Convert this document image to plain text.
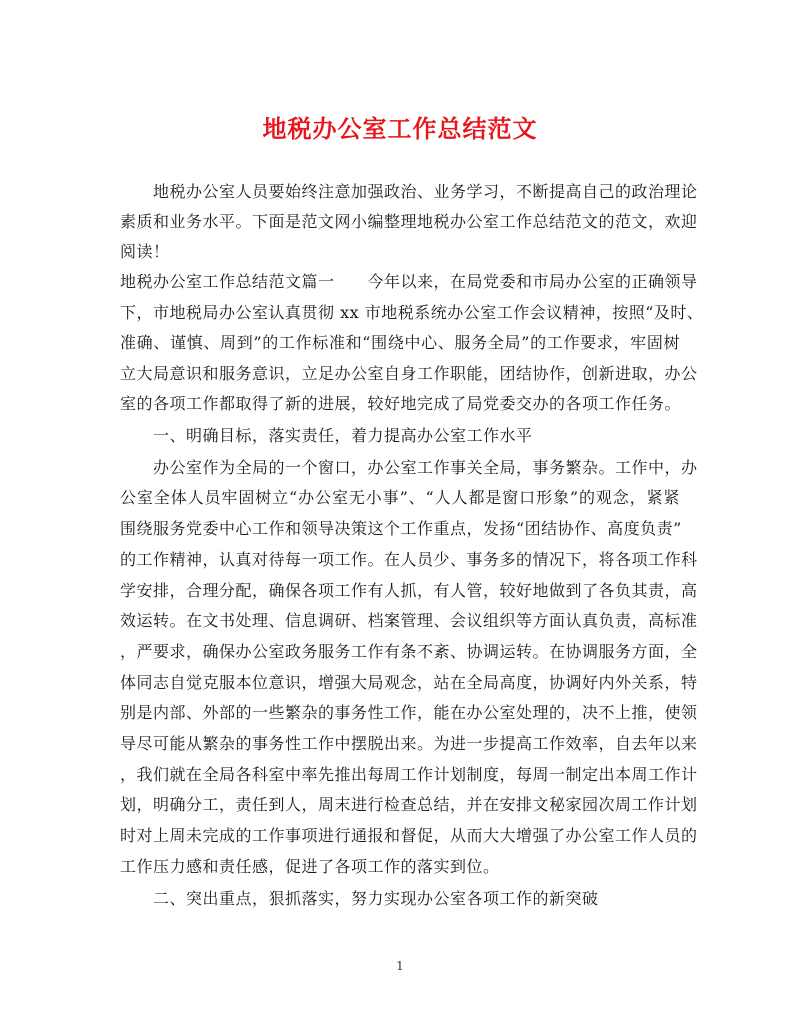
地税办公室工作总结范文
　　地税办公室人员要始终注意加强政治、业务学习，不断提高自己的政治理论
素质和业务水平。下面是范文网小编整理地税办公室工作总结范文的范文，欢迎
阅读！
地税办公室工作总结范文篇一　　今年以来，在局党委和市局办公室的正确领导
下，市地税局办公室认真贯彻 xx 市地税系统办公室工作会议精神，按照“及时、
准确、谨慎、周到”的工作标准和“围绕中心、服务全局”的工作要求，牢固树
立大局意识和服务意识，立足办公室自身工作职能，团结协作，创新进取，办公
室的各项工作都取得了新的进展，较好地完成了局党委交办的各项工作任务。
　　一、明确目标，落实责任，着力提高办公室工作水平
　　办公室作为全局的一个窗口，办公室工作事关全局，事务繁杂。工作中，办
公室全体人员牢固树立“办公室无小事”、“人人都是窗口形象”的观念，紧紧
围绕服务党委中心工作和领导决策这个工作重点，发扬“团结协作、高度负责”
的工作精神，认真对待每一项工作。在人员少、事务多的情况下，将各项工作科
学安排，合理分配，确保各项工作有人抓，有人管，较好地做到了各负其责，高
效运转。在文书处理、信息调研、档案管理、会议组织等方面认真负责，高标准
，严要求，确保办公室政务服务工作有条不紊、协调运转。在协调服务方面，全
体同志自觉克服本位意识，增强大局观念，站在全局高度，协调好内外关系，特
别是内部、外部的一些繁杂的事务性工作，能在办公室处理的，决不上推，使领
导尽可能从繁杂的事务性工作中摆脱出来。为进一步提高工作效率，自去年以来
，我们就在全局各科室中率先推出每周工作计划制度，每周一制定出本周工作计
划，明确分工，责任到人，周末进行检查总结，并在安排文秘家园次周工作计划
时对上周未完成的工作事项进行通报和督促，从而大大增强了办公室工作人员的
工作压力感和责任感，促进了各项工作的落实到位。
　　二、突出重点，狠抓落实，努力实现办公室各项工作的新突破
1
